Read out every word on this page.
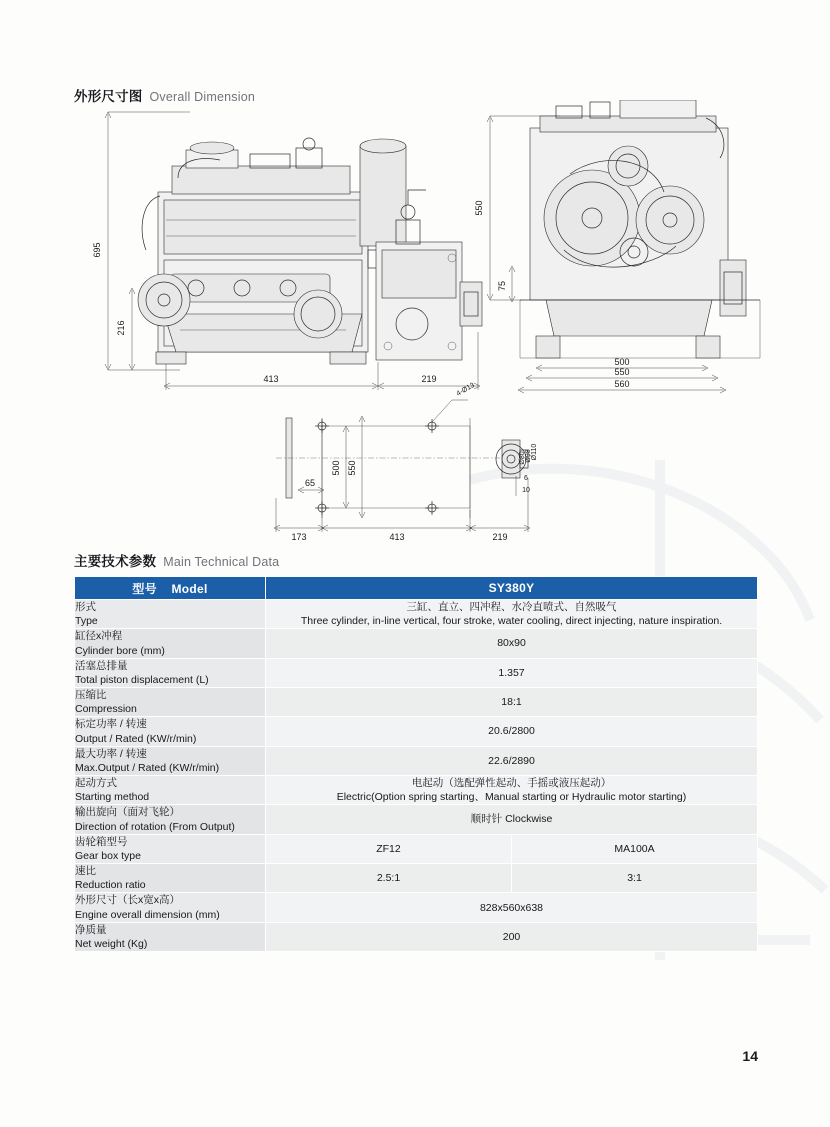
外形尺寸图 Overall Dimension
695
216
413	219
550
75
500
550
560
4-Ø13
500 550
65
Ø110
Ø98
Ø80
6
10
173	413	219
主要技术参数 Main Technical Data
型号 Model	SY380Y	

形式
Type	三缸、直立、四冲程、水冷直喷式、自然吸气
Three cylinder, in-line vertical, four stroke, water cooling, direct injecting, nature inspiration.	

缸径x冲程
Cylinder bore (mm)	80x90	

活塞总排量
Total piston displacement (L)	1.357	

压缩比
Compression	18:1	

标定功率 / 转速
Output / Rated (KW/r/min)	20.6/2800	

最大功率 / 转速
Max.Output / Rated (KW/r/min)	22.6/2890	

起动方式
Starting method	电起动（选配弹性起动、手摇或液压起动）
Electric(Option spring starting、Manual starting or Hydraulic motor starting)	

输出旋向（面对飞轮）
Direction of rotation (From Output)	顺时针 Clockwise	

齿轮箱型号
Gear box type	ZF12	MA100A

速比
Reduction ratio	2.5:1	3:1

外形尺寸（长x宽x高）
Engine overall dimension (mm)	828x560x638	

净质量
Net weight (Kg)	200	
14
